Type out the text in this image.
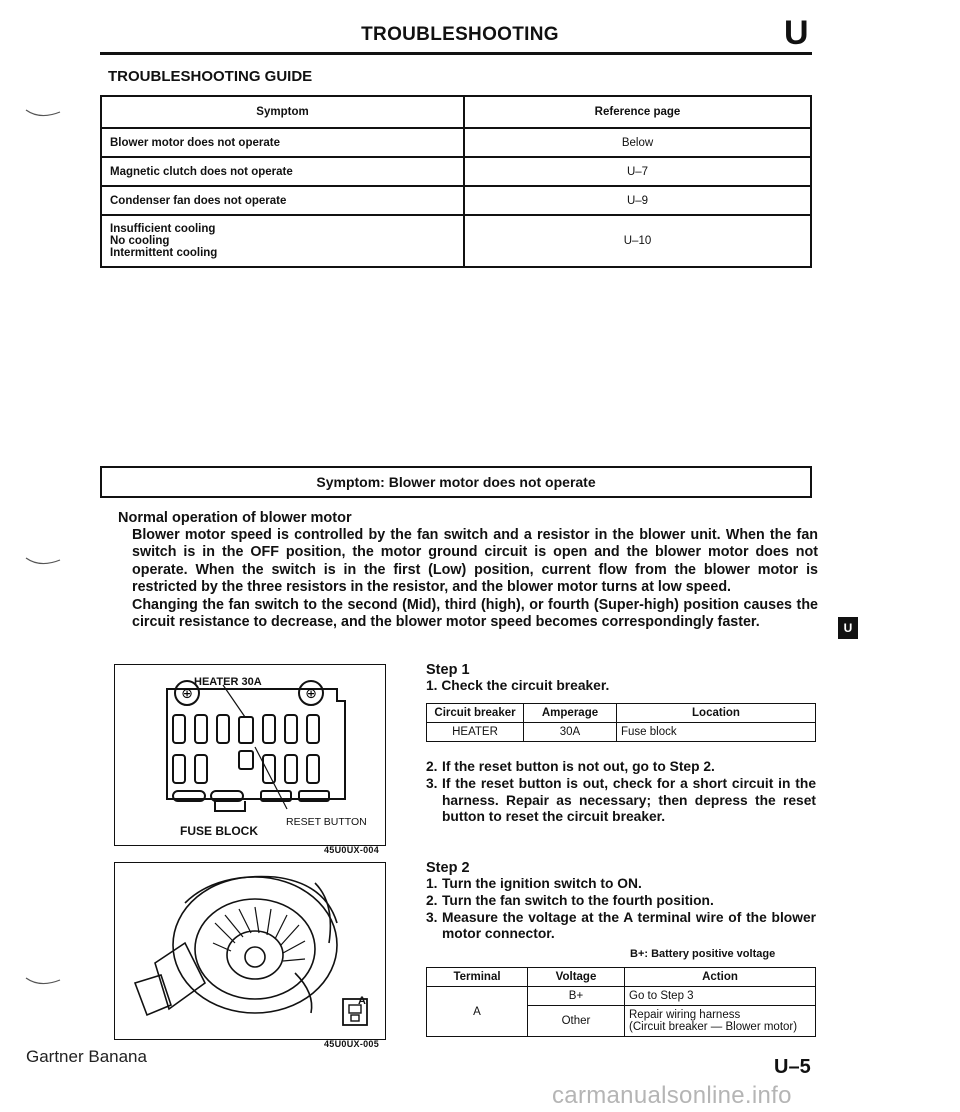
TROUBLESHOOTING	U
TROUBLESHOOTING GUIDE
Symptom	Reference page
Blower motor does not operate	Below
Magnetic clutch does not operate	U–7
Condenser fan does not operate	U–9

Insufficient cooling
No cooling
Intermittent cooling	U–10
Symptom: Blower motor does not operate
Normal operation of blower motor

Blower motor speed is controlled by the fan switch and a resistor in the blower unit. When the fan switch is in the OFF position, the motor ground circuit is open and the blower motor does not operate. When the switch is in the first (Low) position, current flow from the blower motor is restricted by the three resistors in the resistor, and the blower motor turns at low speed.

Changing the fan switch to the second (Mid), third (high), or fourth (Super-high) position causes the circuit resistance to decrease, and the blower motor speed becomes correspondingly faster.	U
⊕	⊕
HEATER 30A
FUSE BLOCK
RESET BUTTON
45U0UX-004
A
45U0UX-005
Step 1
1. Check the circuit breaker.
Circuit breaker	Amperage	Location
HEATER	30A	Fuse block
2. If the reset button is not out, go to Step 2.
3. If the reset button is out, check for a short circuit in the harness. Repair as necessary; then depress the reset button to reset the circuit breaker.
Step 2
1. Turn the ignition switch to ON.
2. Turn the fan switch to the fourth position.
3. Measure the voltage at the A terminal wire of the blower motor connector.
B+: Battery positive voltage
Terminal	Voltage	Action
A	B+	Go to Step 3
	Other	Repair wiring harness
(Circuit breaker — Blower motor)
Gartner Banana	U–5
carmanualsonline.info
